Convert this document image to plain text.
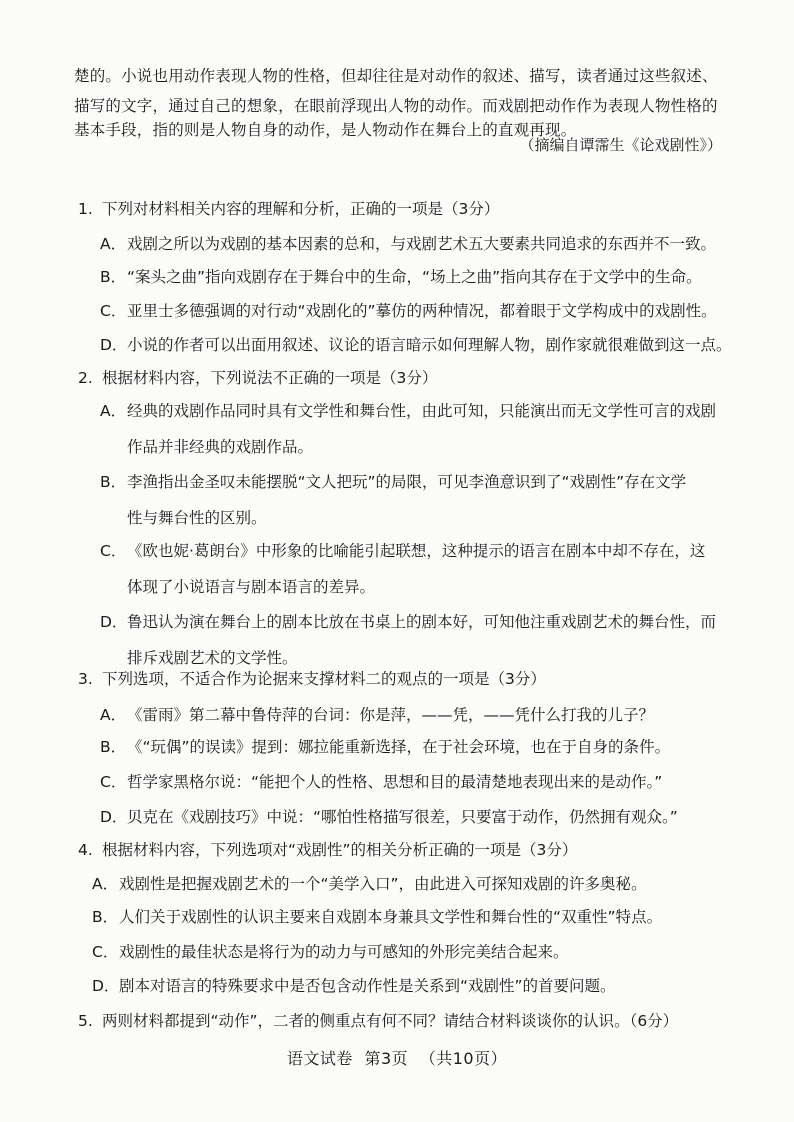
楚的。小说也用动作表现人物的性格，但却往往是对动作的叙述、描写，读者通过这些叙述、
描写的文字，通过自己的想象，在眼前浮现出人物的动作。而戏剧把动作作为表现人物性格的
基本手段，指的则是人物自身的动作，是人物动作在舞台上的直观再现。
（摘编自谭霈生《论戏剧性》）
1. 下列对材料相关内容的理解和分析，正确的一项是（3分）
A．戏剧之所以为戏剧的基本因素的总和，与戏剧艺术五大要素共同追求的东西并不一致。
B．“案头之曲”指向戏剧存在于舞台中的生命，“场上之曲”指向其存在于文学中的生命。
C．亚里士多德强调的对行动“戏剧化的”摹仿的两种情况，都着眼于文学构成中的戏剧性。
D．小说的作者可以出面用叙述、议论的语言暗示如何理解人物，剧作家就很难做到这一点。
2. 根据材料内容，下列说法不正确的一项是（3分）
A．经典的戏剧作品同时具有文学性和舞台性，由此可知，只能演出而无文学性可言的戏剧
作品并非经典的戏剧作品。
B．李渔指出金圣叹未能摆脱“文人把玩”的局限，可见李渔意识到了“戏剧性”存在文学
性与舞台性的区别。
C．《欧也妮·葛朗台》中形象的比喻能引起联想，这种提示的语言在剧本中却不存在，这
体现了小说语言与剧本语言的差异。
D．鲁迅认为演在舞台上的剧本比放在书桌上的剧本好，可知他注重戏剧艺术的舞台性，而
排斥戏剧艺术的文学性。
3. 下列选项，不适合作为论据来支撑材料二的观点的一项是（3分）
A．《雷雨》第二幕中鲁侍萍的台词：你是萍，——凭，——凭什么打我的儿子？
B．《“玩偶”的误读》提到：娜拉能重新选择，在于社会环境，也在于自身的条件。
C．哲学家黑格尔说：“能把个人的性格、思想和目的最清楚地表现出来的是动作。”
D．贝克在《戏剧技巧》中说：“哪怕性格描写很差，只要富于动作，仍然拥有观众。”
4. 根据材料内容，下列选项对“戏剧性”的相关分析正确的一项是（3分）
A．戏剧性是把握戏剧艺术的一个“美学入口”，由此进入可探知戏剧的许多奥秘。
B．人们关于戏剧性的认识主要来自戏剧本身兼具文学性和舞台性的“双重性”特点。
C．戏剧性的最佳状态是将行为的动力与可感知的外形完美结合起来。
D．剧本对语言的特殊要求中是否包含动作性是关系到“戏剧性”的首要问题。
5. 两则材料都提到“动作”，二者的侧重点有何不同？请结合材料谈谈你的认识。（6分）
语文试卷 第3页 （共10页）
